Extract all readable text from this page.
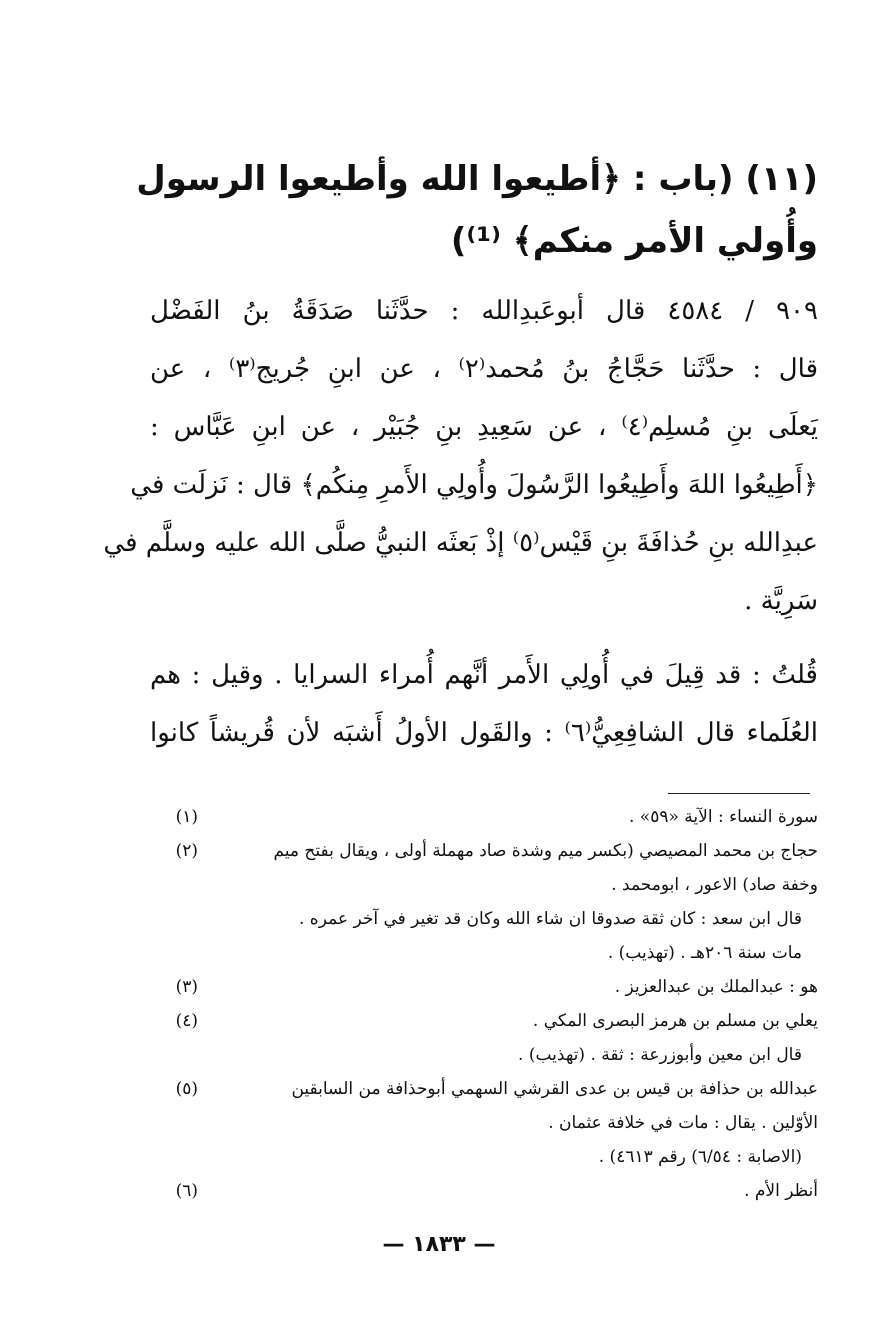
(١١) (باب : ﴿أطيعوا الله وأطيعوا الرسول
وأُولي الأمر منكم﴾ ⁽¹⁾)
٩٠٩ / ٤٥٨٤ قال أبوعَبدِالله : حدَّثَنا صَدَقَةُ بنُ الفَضْل
قال : حدَّثَنا حَجَّاجُ بنُ مُحمد⁽٢⁾ ، عن ابنِ جُريج⁽٣⁾ ، عن
يَعلَى بنِ مُسلِم⁽٤⁾ ، عن سَعِيدِ بنِ جُبَيْر ، عن ابنِ عَبَّاس :
﴿أَطِيعُوا اللهَ وأَطِيعُوا الرَّسُولَ وأُولِي الأَمرِ مِنكُم﴾ قال : نَزلَت في
عبدِالله بنِ حُذافَةَ بنِ قَيْس⁽٥⁾ إذْ بَعثَه النبيُّ صلَّى الله عليه وسلَّم في
سَرِيَّة .
قُلتُ : قد قِيلَ في أُولِي الأَمر أنَّهم أُمراء السرايا . وقيل : هم
العُلَماء قال الشافِعِيُّ⁽٦⁾ : والقَول الأولُ أَشبَه لأن قُريشاً كانوا
(١)	سورة النساء : الآية «٥٩» .
(٢)	حجاج بن محمد المصيصي (بكسر ميم وشدة صاد مهملة أولى ، ويقال بفتح ميم
وخفة صاد) الاعور ، ابومحمد .
قال ابن سعد : كان ثقة صدوقا ان شاء الله وكان قد تغير في آخر عمره .
مات سنة ٢٠٦هـ . (تهذيب) .
(٣)	هو : عبدالملك بن عبدالعزيز .
(٤)	يعلي بن مسلم بن هرمز البصرى المكي .
قال ابن معين وأبوزرعة : ثقة . (تهذيب) .
(٥)	عبدالله بن حذافة بن قيس بن عدى القرشي السهمي أبوحذافة من السابقين
الأوّلين . يقال : مات في خلافة عثمان .
(الاصابة : ٦/٥٤) رقم ٤٦١٣) .
(٦)	أنظر الأم .
— ١٨٣٣ —
